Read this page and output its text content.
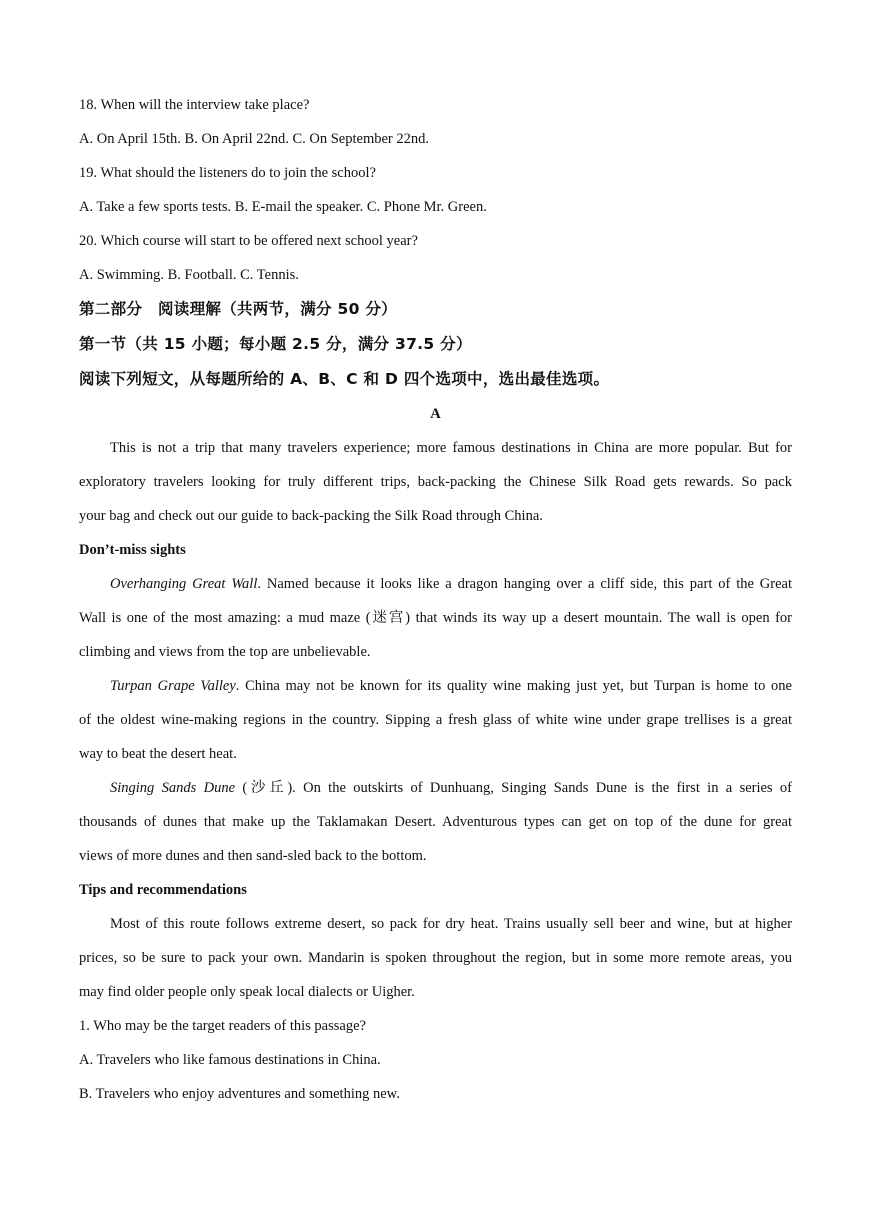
18. When will the interview take place?
A. On April 15th. B. On April 22nd. C. On September 22nd.
19. What should the listeners do to join the school?
A. Take a few sports tests. B. E-mail the speaker. C. Phone Mr. Green.
20. Which course will start to be offered next school year?
A. Swimming. B. Football. C. Tennis.
第二部分　阅读理解（共两节，满分 50 分）
第一节（共 15 小题；每小题 2.5 分，满分 37.5 分）
阅读下列短文，从每题所给的 A、B、C 和 D 四个选项中，选出最佳选项。
A
This is not a trip that many travelers experience; more famous destinations in China are more popular. But for
exploratory travelers looking for truly different trips, back-packing the Chinese Silk Road gets rewards. So pack
your bag and check out our guide to back-packing the Silk Road through China.
Don’t-miss sights
Overhanging Great Wall. Named because it looks like a dragon hanging over a cliff side, this part of the Great
Wall is one of the most amazing: a mud maze (迷宫) that winds its way up a desert mountain. The wall is open for
climbing and views from the top are unbelievable.
Turpan Grape Valley. China may not be known for its quality wine making just yet, but Turpan is home to one
of the oldest wine-making regions in the country. Sipping a fresh glass of white wine under grape trellises is a great
way to beat the desert heat.
Singing Sands Dune (沙丘). On the outskirts of Dunhuang, Singing Sands Dune is the first in a series of
thousands of dunes that make up the Taklamakan Desert. Adventurous types can get on top of the dune for great
views of more dunes and then sand-sled back to the bottom.
Tips and recommendations
Most of this route follows extreme desert, so pack for dry heat. Trains usually sell beer and wine, but at higher
prices, so be sure to pack your own. Mandarin is spoken throughout the region, but in some more remote areas, you
may find older people only speak local dialects or Uigher.
1. Who may be the target readers of this passage?
A. Travelers who like famous destinations in China.
B. Travelers who enjoy adventures and something new.
